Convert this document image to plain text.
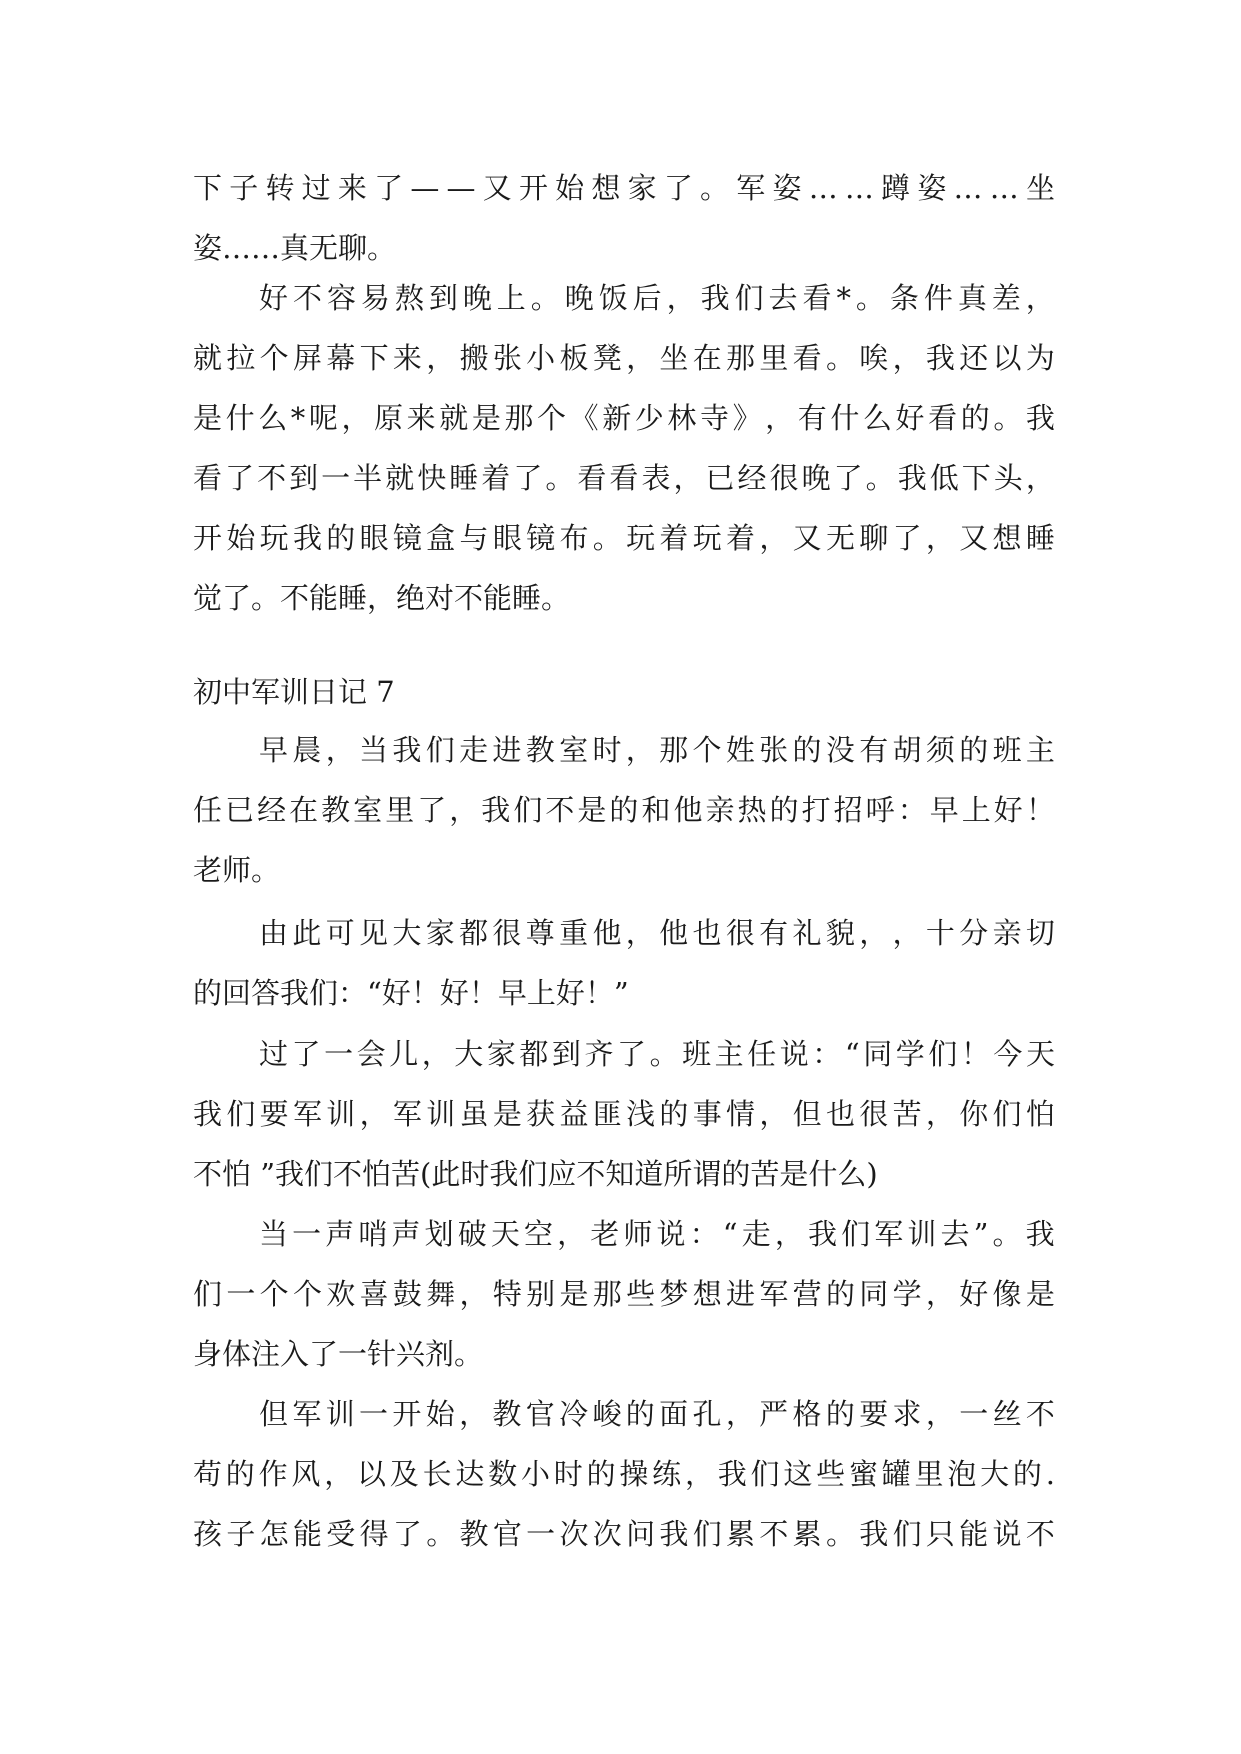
下 子 转 过 来 了 — — 又 开 始 想 家 了 。 军 姿 … … 蹲 姿 … … 坐
姿……真无聊。
好 不 容 易 熬 到 晚 上 。 晚 饭 后 ， 我 们 去 看 * 。 条 件 真 差 ，
就 拉 个 屏 幕 下 来 ， 搬 张 小 板 凳 ， 坐 在 那 里 看 。 唉 ， 我 还 以 为
是 什 么 * 呢 ， 原 来 就 是 那 个 《 新 少 林 寺 》 ， 有 什 么 好 看 的 。 我
看 了 不 到 一 半 就 快 睡 着 了 。 看 看 表 ， 已 经 很 晚 了 。 我 低 下 头 ，
开 始 玩 我 的 眼 镜 盒 与 眼 镜 布 。 玩 着 玩 着 ， 又 无 聊 了 ， 又 想 睡
觉了。不能睡，绝对不能睡。
初中军训日记 7
早 晨 ， 当 我 们 走 进 教 室 时 ， 那 个 姓 张 的 没 有 胡 须 的 班 主
任 已 经 在 教 室 里 了 ， 我 们 不 是 的 和 他 亲 热 的 打 招 呼 ： 早 上 好 ！
老师。
由 此 可 见 大 家 都 很 尊 重 他 ， 他 也 很 有 礼 貌 ， ， 十 分 亲 切
的回答我们：“好！好！早上好！”
过 了 一 会 儿 ， 大 家 都 到 齐 了 。 班 主 任 说 ： “ 同 学 们 ！ 今 天
我 们 要 军 训 ， 军 训 虽 是 获 益 匪 浅 的 事 情 ， 但 也 很 苦 ， 你 们 怕
不怕 ”我们不怕苦(此时我们应不知道所谓的苦是什么)
当 一 声 哨 声 划 破 天 空 ， 老 师 说 ： “ 走 ， 我 们 军 训 去 ” 。 我
们 一 个 个 欢 喜 鼓 舞 ， 特 别 是 那 些 梦 想 进 军 营 的 同 学 ， 好 像 是
身体注入了一针兴剂。
但 军 训 一 开 始 ， 教 官 冷 峻 的 面 孔 ， 严 格 的 要 求 ， 一 丝 不
苟 的 作 风 ， 以 及 长 达 数 小 时 的 操 练 ， 我 们 这 些 蜜 罐 里 泡 大 的 .
孩 子 怎 能 受 得 了 。 教 官 一 次 次 问 我 们 累 不 累 。 我 们 只 能 说 不
